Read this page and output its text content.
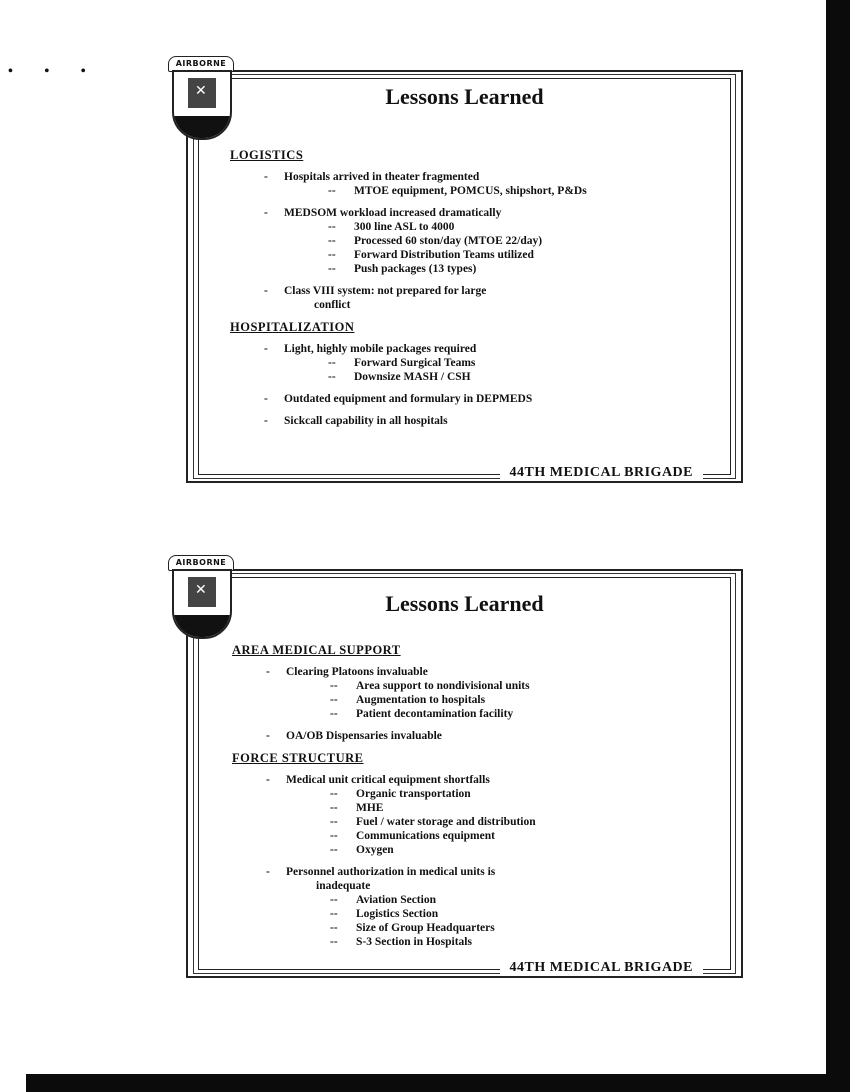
• • •
AIRBORNE
✕
Lessons Learned
LOGISTICS
- Hospitals arrived in theater fragmented
-- MTOE equipment, POMCUS, shipshort, P&Ds
- MEDSOM workload increased dramatically
-- 300 line ASL to 4000
-- Processed 60 ston/day (MTOE 22/day)
-- Forward Distribution Teams utilized
-- Push packages (13 types)
- Class VIII system: not prepared for large
conflict
HOSPITALIZATION
- Light, highly mobile packages required
-- Forward Surgical Teams
-- Downsize MASH / CSH
- Outdated equipment and formulary in DEPMEDS
- Sickcall capability in all hospitals
44TH MEDICAL BRIGADE
AIRBORNE
✕
Lessons Learned
AREA MEDICAL SUPPORT
- Clearing Platoons invaluable
-- Area support to nondivisional units
-- Augmentation to hospitals
-- Patient decontamination facility
- OA/OB Dispensaries invaluable
FORCE STRUCTURE
- Medical unit critical equipment shortfalls
-- Organic transportation
-- MHE
-- Fuel / water storage and distribution
-- Communications equipment
-- Oxygen
- Personnel authorization in medical units is
inadequate
-- Aviation Section
-- Logistics Section
-- Size of Group Headquarters
-- S-3 Section in Hospitals
44TH MEDICAL BRIGADE
